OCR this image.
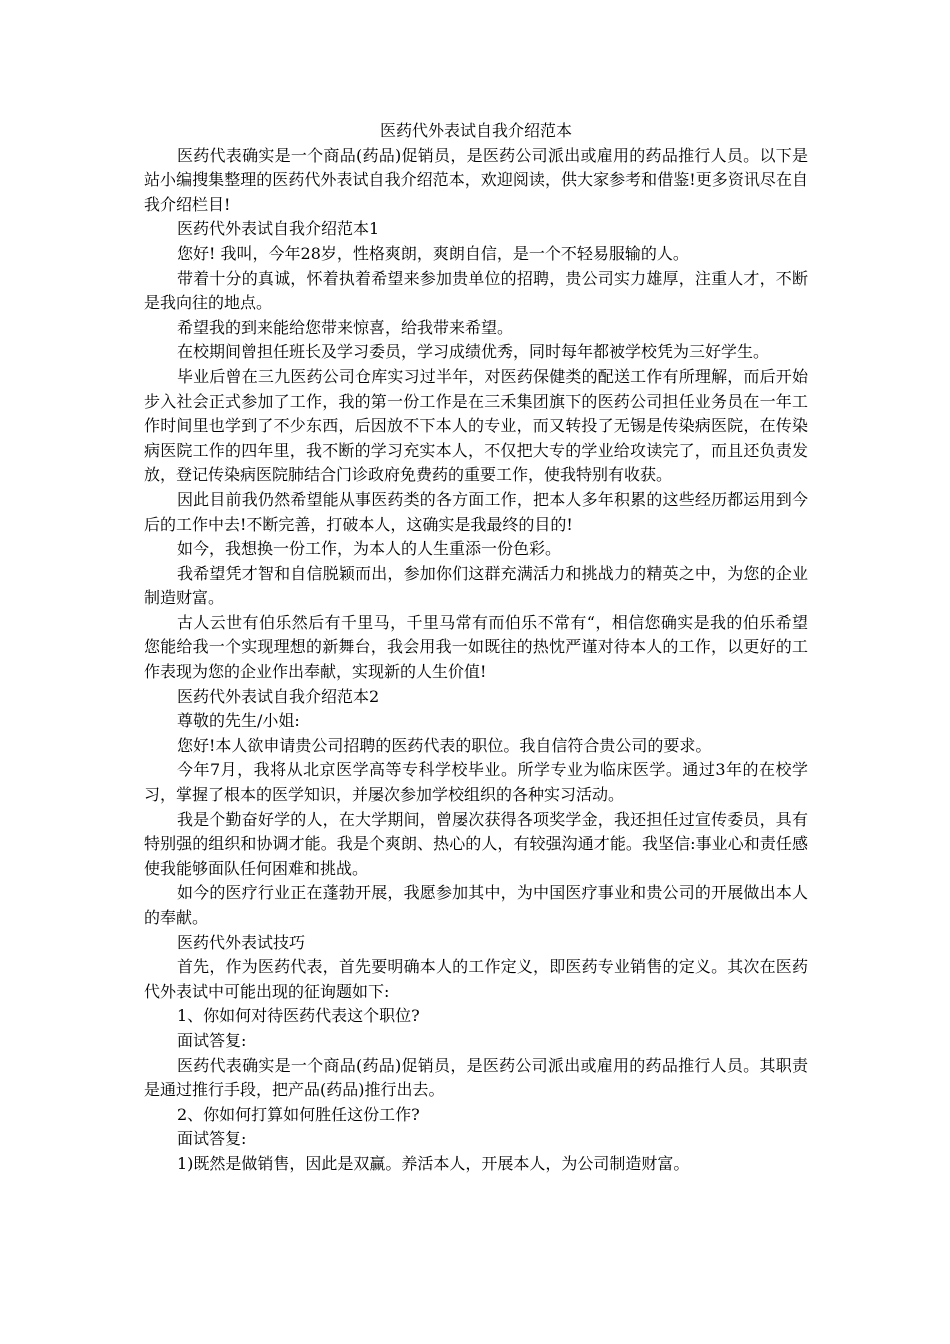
医药代外表试自我介绍范本

医药代表确实是一个商品(药品)促销员，是医药公司派出或雇用的药品推行人员。以下是站小编搜集整理的医药代外表试自我介绍范本，欢迎阅读，供大家参考和借鉴!更多资讯尽在自我介绍栏目!

医药代外表试自我介绍范本1

您好! 我叫，今年28岁，性格爽朗，爽朗自信，是一个不轻易服输的人。

带着十分的真诚，怀着执着希望来参加贵单位的招聘，贵公司实力雄厚，注重人才，不断是我向往的地点。

希望我的到来能给您带来惊喜，给我带来希望。

在校期间曾担任班长及学习委员，学习成绩优秀，同时每年都被学校凭为三好学生。

毕业后曾在三九医药公司仓库实习过半年，对医药保健类的配送工作有所理解，而后开始步入社会正式参加了工作，我的第一份工作是在三禾集团旗下的医药公司担任业务员在一年工作时间里也学到了不少东西，后因放不下本人的专业，而又转投了无锡是传染病医院，在传染病医院工作的四年里，我不断的学习充实本人，不仅把大专的学业给攻读完了，而且还负责发放，登记传染病医院肺结合门诊政府免费药的重要工作，使我特别有收获。

因此目前我仍然希望能从事医药类的各方面工作，把本人多年积累的这些经历都运用到今后的工作中去!不断完善，打破本人，这确实是我最终的目的!

如今，我想换一份工作，为本人的人生重添一份色彩。

我希望凭才智和自信脱颖而出，参加你们这群充满活力和挑战力的精英之中，为您的企业制造财富。

古人云世有伯乐然后有千里马，千里马常有而伯乐不常有“，相信您确实是我的伯乐希望您能给我一个实现理想的新舞台，我会用我一如既往的热忱严谨对待本人的工作，以更好的工作表现为您的企业作出奉献，实现新的人生价值!

医药代外表试自我介绍范本2

尊敬的先生/小姐:

您好!本人欲申请贵公司招聘的医药代表的职位。我自信符合贵公司的要求。

今年7月，我将从北京医学高等专科学校毕业。所学专业为临床医学。通过3年的在校学习，掌握了根本的医学知识，并屡次参加学校组织的各种实习活动。

我是个勤奋好学的人，在大学期间，曾屡次获得各项奖学金，我还担任过宣传委员，具有特别强的组织和协调才能。我是个爽朗、热心的人，有较强沟通才能。我坚信:事业心和责任感使我能够面队任何困难和挑战。

如今的医疗行业正在蓬勃开展，我愿参加其中，为中国医疗事业和贵公司的开展做出本人的奉献。

医药代外表试技巧

首先，作为医药代表，首先要明确本人的工作定义，即医药专业销售的定义。其次在医药代外表试中可能出现的征询题如下:

1、你如何对待医药代表这个职位?

面试答复:

医药代表确实是一个商品(药品)促销员，是医药公司派出或雇用的药品推行人员。其职责是通过推行手段，把产品(药品)推行出去。

2、你如何打算如何胜任这份工作?

面试答复:

1)既然是做销售，因此是双赢。养活本人，开展本人，为公司制造财富。
